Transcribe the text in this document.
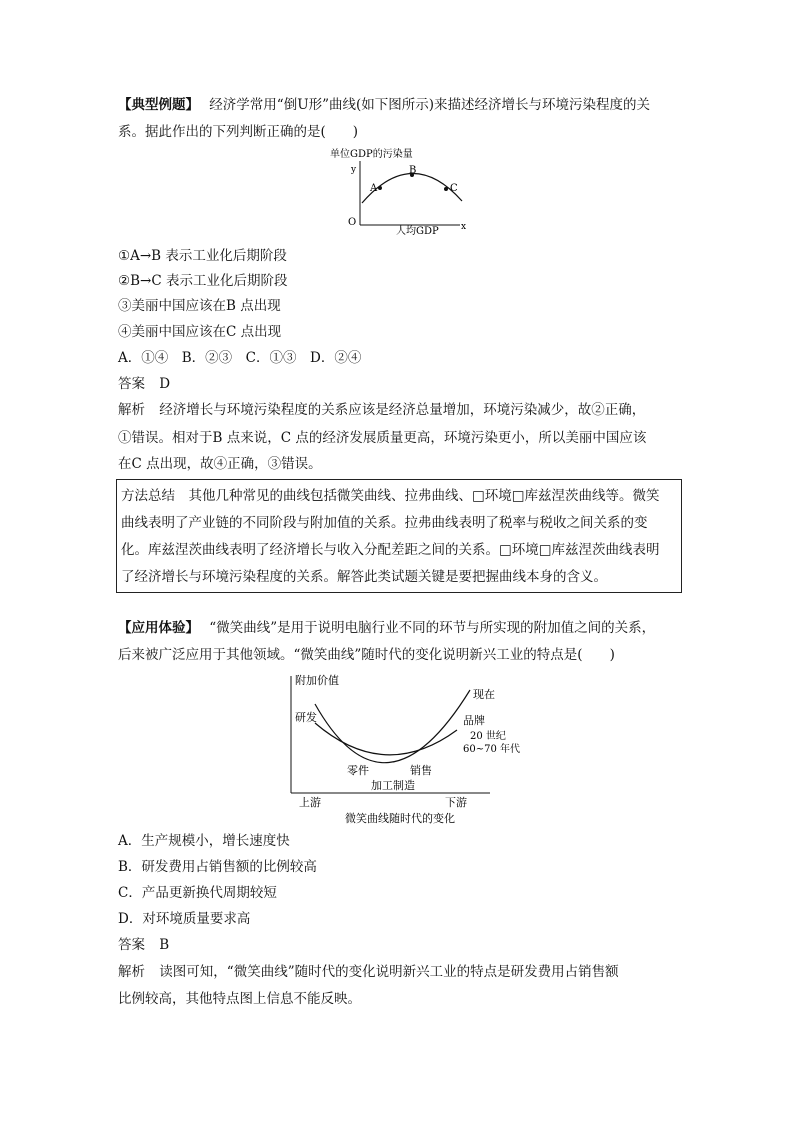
【典型例题】 经济学常用“倒U形”曲线(如下图所示)来描述经济增长与环境污染程度的关
系。据此作出的下列判断正确的是(　　)
单位GDP的污染量
y
O	x
人均GDP
A
B
C
①A→B 表示工业化后期阶段
②B→C 表示工业化后期阶段
③美丽中国应该在B 点出现
④美丽中国应该在C 点出现
A．①④　B．②③　C．①③　D．②④
答案 D
解析 经济增长与环境污染程度的关系应该是经济总量增加，环境污染减少，故②正确，
①错误。相对于B 点来说，C 点的经济发展质量更高，环境污染更小，所以美丽中国应该
在C 点出现，故④正确，③错误。
方法总结　其他几种常见的曲线包括微笑曲线、拉弗曲线、□环境□库兹涅茨曲线等。微笑
曲线表明了产业链的不同阶段与附加值的关系。拉弗曲线表明了税率与税收之间关系的变
化。库兹涅茨曲线表明了经济增长与收入分配差距之间的关系。□环境□库兹涅茨曲线表明
了经济增长与环境污染程度的关系。解答此类试题关键是要把握曲线本身的含义。
【应用体验】 “微笑曲线”是用于说明电脑行业不同的环节与所实现的附加值之间的关系，
后来被广泛应用于其他领域。“微笑曲线”随时代的变化说明新兴工业的特点是(　　)
附加价值
研发
现在
品牌
20 世纪
60~70 年代
零件	销售
加工制造
上游	下游
微笑曲线随时代的变化
A．生产规模小，增长速度快
B．研发费用占销售额的比例较高
C．产品更新换代周期较短
D．对环境质量要求高
答案 B
解析 读图可知，“微笑曲线”随时代的变化说明新兴工业的特点是研发费用占销售额
比例较高，其他特点图上信息不能反映。
